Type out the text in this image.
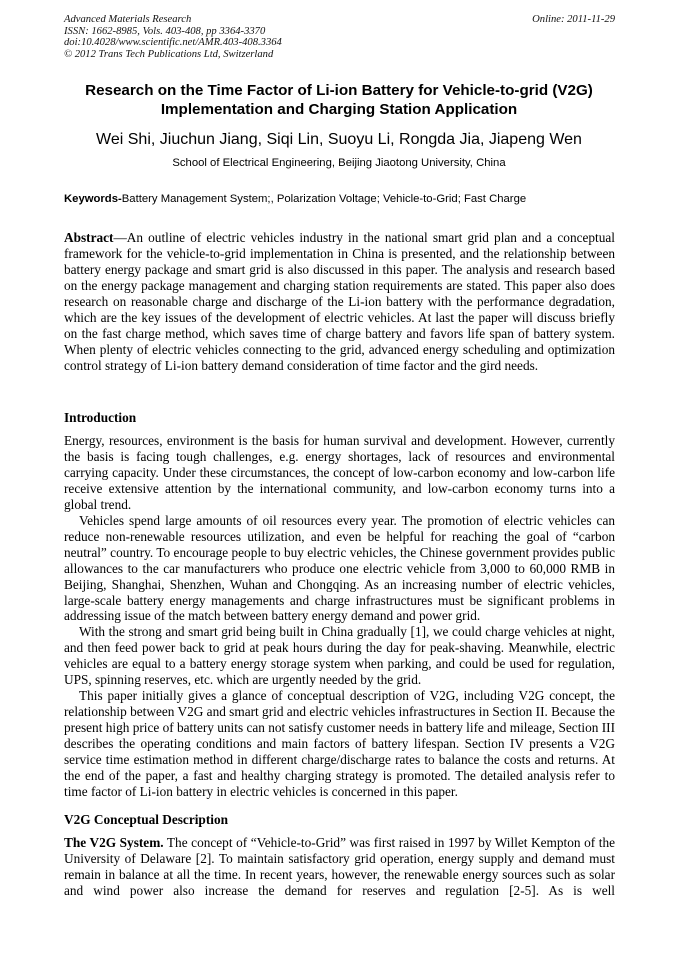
Advanced Materials Research
ISSN: 1662-8985, Vols. 403-408, pp 3364-3370
doi:10.4028/www.scientific.net/AMR.403-408.3364
© 2012 Trans Tech Publications Ltd, Switzerland
Online: 2011-11-29
Research on the Time Factor of Li-ion Battery for Vehicle-to-grid (V2G)
Implementation and Charging Station Application
Wei Shi, Jiuchun Jiang, Siqi Lin, Suoyu Li, Rongda Jia, Jiapeng Wen
School of Electrical Engineering, Beijing Jiaotong University, China
Keywords-Battery Management System;, Polarization Voltage; Vehicle-to-Grid; Fast Charge

Abstract—An outline of electric vehicles industry in the national smart grid plan and a conceptual framework for the vehicle-to-grid implementation in China is presented, and the relationship between battery energy package and smart grid is also discussed in this paper. The analysis and research based on the energy package management and charging station requirements are stated. This paper also does research on reasonable charge and discharge of the Li-ion battery with the performance degradation, which are the key issues of the development of electric vehicles. At last the paper will discuss briefly on the fast charge method, which saves time of charge battery and favors life span of battery system. When plenty of electric vehicles connecting to the grid, advanced energy scheduling and optimization control strategy of Li-ion battery demand consideration of time factor and the gird needs.

Introduction

Energy, resources, environment is the basis for human survival and development. However, currently the basis is facing tough challenges, e.g. energy shortages, lack of resources and environmental carrying capacity. Under these circumstances, the concept of low-carbon economy and low-carbon life receive extensive attention by the international community, and low-carbon economy turns into a global trend.

Vehicles spend large amounts of oil resources every year. The promotion of electric vehicles can reduce non-renewable resources utilization, and even be helpful for reaching the goal of “carbon neutral” country. To encourage people to buy electric vehicles, the Chinese government provides public allowances to the car manufacturers who produce one electric vehicle from 3,000 to 60,000 RMB in Beijing, Shanghai, Shenzhen, Wuhan and Chongqing. As an increasing number of electric vehicles, large-scale battery energy managements and charge infrastructures must be significant problems in addressing issue of the match between battery energy demand and power grid.

With the strong and smart grid being built in China gradually [1], we could charge vehicles at night, and then feed power back to grid at peak hours during the day for peak-shaving. Meanwhile, electric vehicles are equal to a battery energy storage system when parking, and could be used for regulation, UPS, spinning reserves, etc. which are urgently needed by the grid.

This paper initially gives a glance of conceptual description of V2G, including V2G concept, the relationship between V2G and smart grid and electric vehicles infrastructures in Section II. Because the present high price of battery units can not satisfy customer needs in battery life and mileage, Section III describes the operating conditions and main factors of battery lifespan. Section IV presents a V2G service time estimation method in different charge/discharge rates to balance the costs and returns. At the end of the paper, a fast and healthy charging strategy is promoted. The detailed analysis refer to time factor of Li-ion battery in electric vehicles is concerned in this paper.

V2G Conceptual Description

The V2G System. The concept of “Vehicle-to-Grid” was first raised in 1997 by Willet Kempton of the University of Delaware [2]. To maintain satisfactory grid operation, energy supply and demand must remain in balance at all the time. In recent years, however, the renewable energy sources such as solar and wind power also increase the demand for reserves and regulation [2-5]. As is well
